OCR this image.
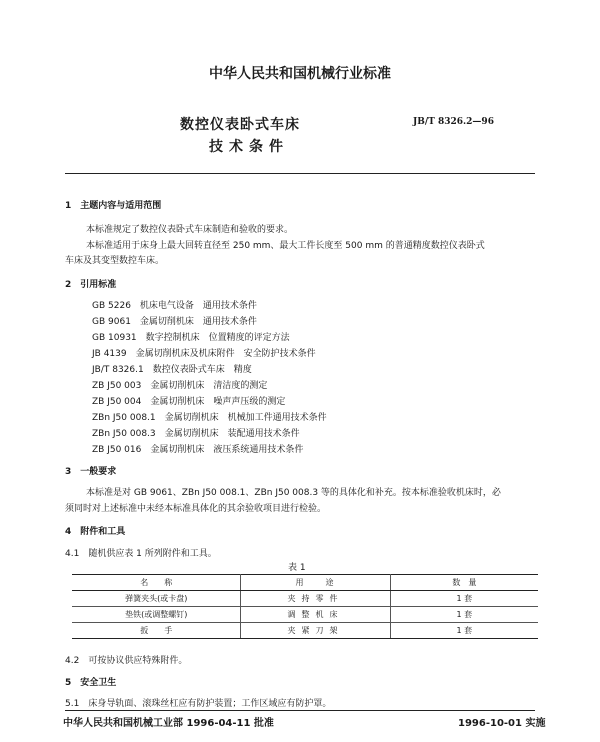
中华人民共和国机械行业标准
数控仪表卧式车床
技术条件
JB/T 8326.2—96
1　主题内容与适用范围
本标准规定了数控仪表卧式车床制造和验收的要求。
本标准适用于床身上最大回转直径至 250 mm、最大工件长度至 500 mm 的普通精度数控仪表卧式
车床及其变型数控车床。
2　引用标准
GB 5226　机床电气设备　通用技术条件
GB 9061　金属切削机床　通用技术条件
GB 10931　数字控制机床　位置精度的评定方法
JB 4139　金属切削机床及机床附件　安全防护技术条件
JB/T 8326.1　数控仪表卧式车床　精度
ZB J50 003　金属切削机床　清洁度的测定
ZB J50 004　金属切削机床　噪声声压级的测定
ZBn J50 008.1　金属切削机床　机械加工件通用技术条件
ZBn J50 008.3　金属切削机床　装配通用技术条件
ZB J50 016　金属切削机床　液压系统通用技术条件
3　一般要求
本标准是对 GB 9061、ZBn J50 008.1、ZBn J50 008.3 等的具体化和补充。按本标准验收机床时，必
须同时对上述标准中未经本标准具体化的其余验收项目进行检验。
4　附件和工具
4.1　随机供应表 1 所列附件和工具。
表 1
名　　称	用　　途	数　量
弹簧夹头(或卡盘)	夹持零件	1 套
垫铁(或调整螺钉)	调整机床	1 套
扳　　手	夹紧刀架	1 套
4.2　可按协议供应特殊附件。
5　安全卫生
5.1　床身导轨面、滚珠丝杠应有防护装置；工作区域应有防护罩。
中华人民共和国机械工业部 1996-04-11 批准	1996-10-01 实施
